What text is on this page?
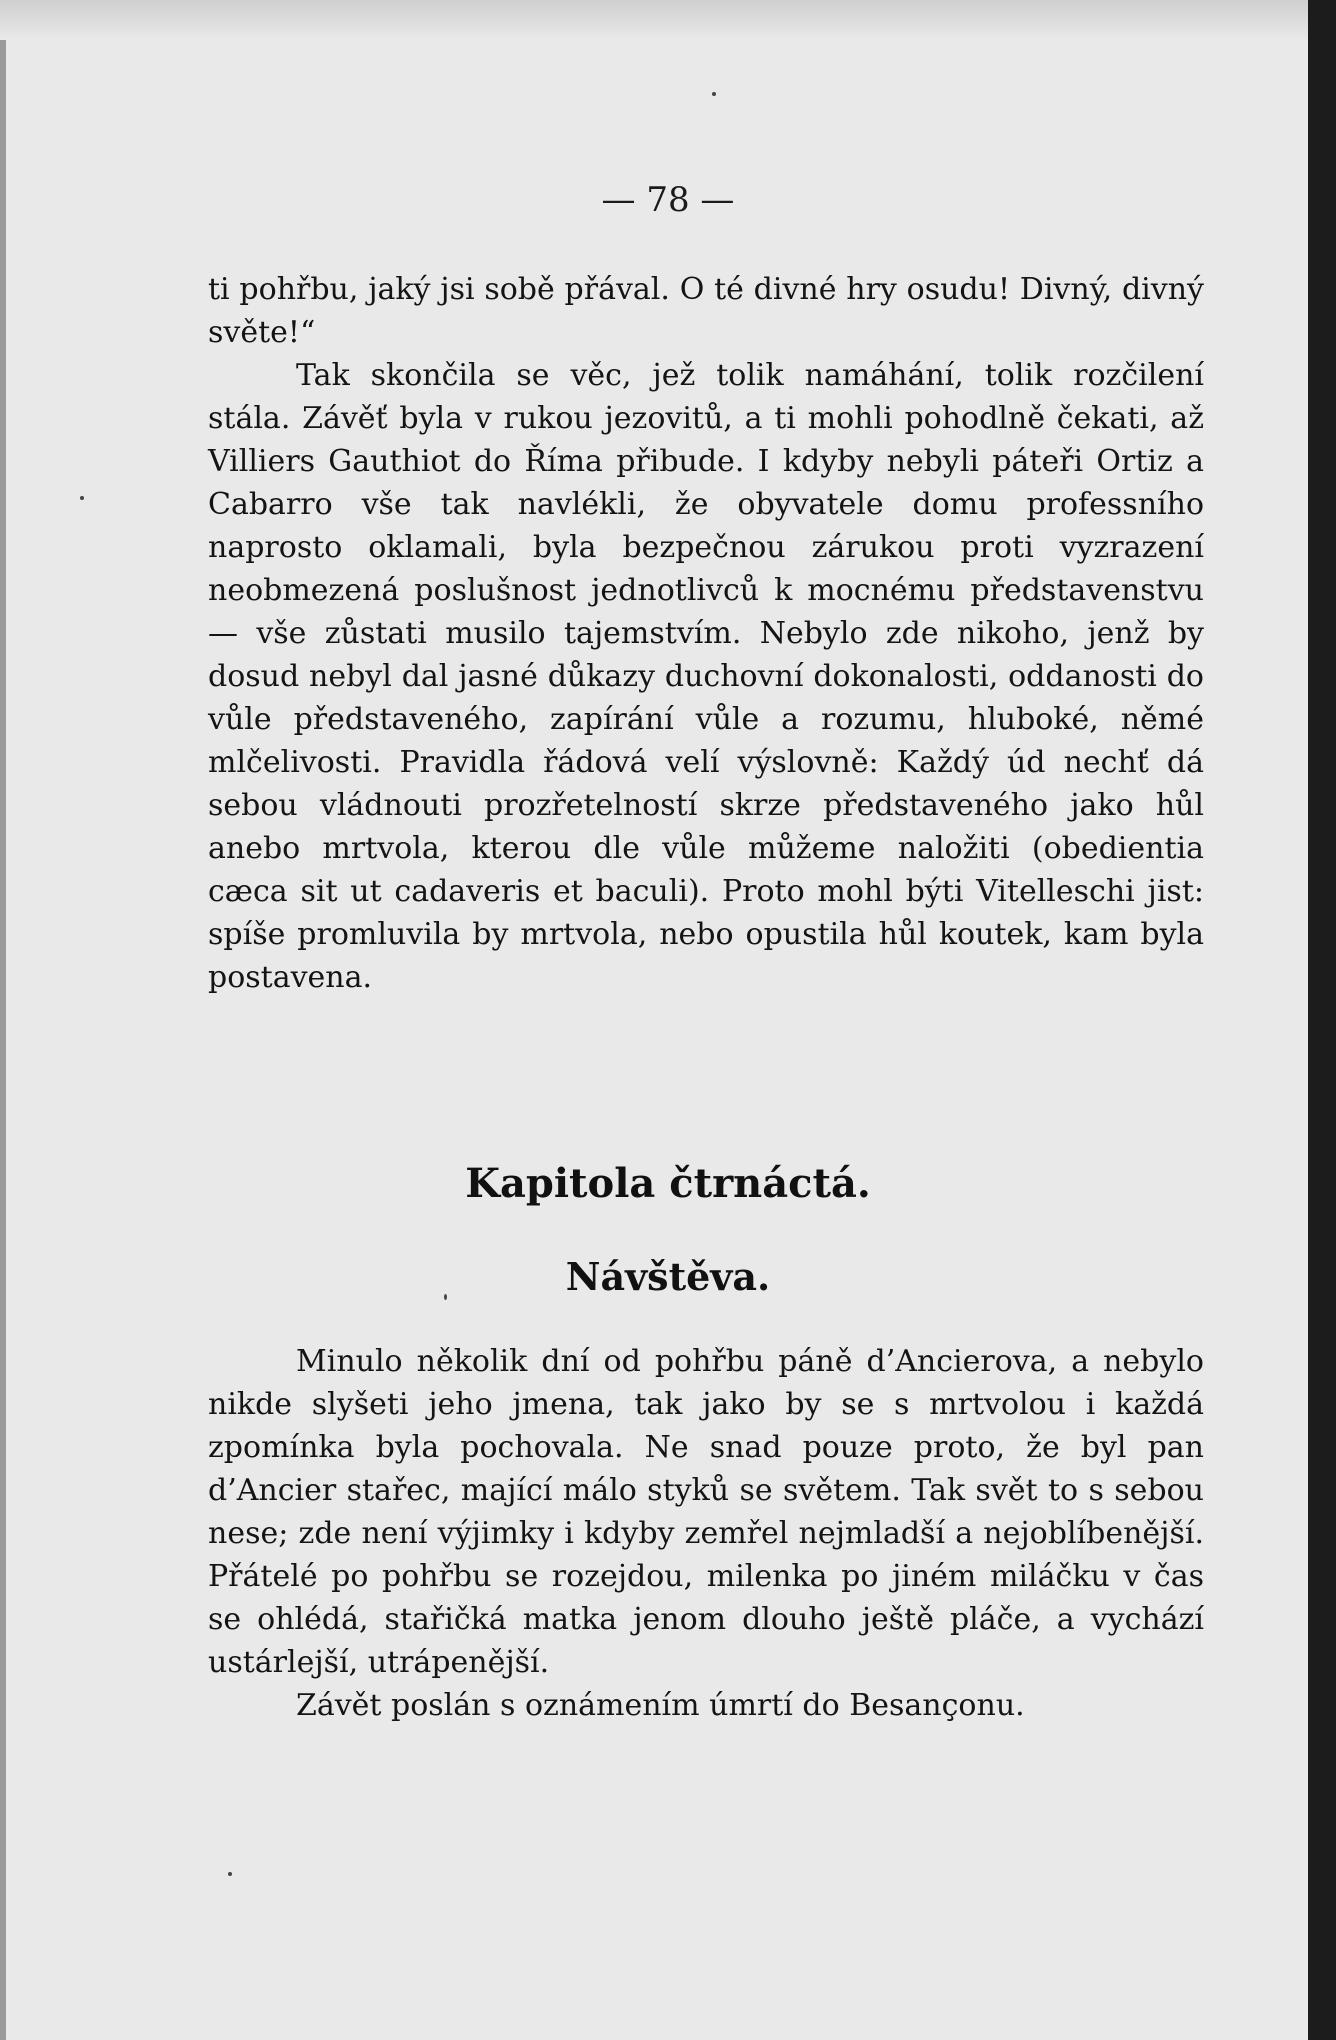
— 78 —

ti pohřbu, jaký jsi sobě přával. O té divné hry osudu! Divný, divný světe!“

Tak skončila se věc, jež tolik namáhání, tolik rozčilení stála. Závěť byla v rukou jezovitů, a ti mohli pohodlně čekati, až Villiers Gauthiot do Říma přibude. I kdyby nebyli páteři Ortiz a Cabarro vše tak navlékli, že obyvatele domu professního naprosto oklamali, byla bezpečnou zárukou proti vyzrazení neobmezená poslušnost jednotlivců k mocnému představenstvu — vše zůstati musilo tajemstvím. Nebylo zde nikoho, jenž by dosud nebyl dal jasné důkazy duchovní dokonalosti, oddanosti do vůle představeného, zapírání vůle a rozumu, hluboké, němé mlčelivosti. Pravidla řádová velí výslovně: Každý úd nechť dá sebou vládnouti prozřetelností skrze představeného jako hůl anebo mrtvola, kterou dle vůle můžeme naložiti (obedientia cæca sit ut cadaveris et baculi). Proto mohl býti Vitelleschi jist: spíše promluvila by mrtvola, nebo opustila hůl koutek, kam byla postavena.

Kapitola čtrnáctá.
Návštěva.

Minulo několik dní od pohřbu páně d’Ancierova, a nebylo nikde slyšeti jeho jmena, tak jako by se s mrtvolou i každá zpomínka byla pochovala. Ne snad pouze proto, že byl pan d’Ancier stařec, mající málo styků se světem. Tak svět to s sebou nese; zde není výjimky i kdyby zemřel nejmladší a nejoblíbenější. Přátelé po pohřbu se rozejdou, milenka po jiném miláčku v čas se ohlédá, stařičká matka jenom dlouho ještě pláče, a vychází ustárlejší, utrápenější.

Závět poslán s oznámením úmrtí do Besançonu.
